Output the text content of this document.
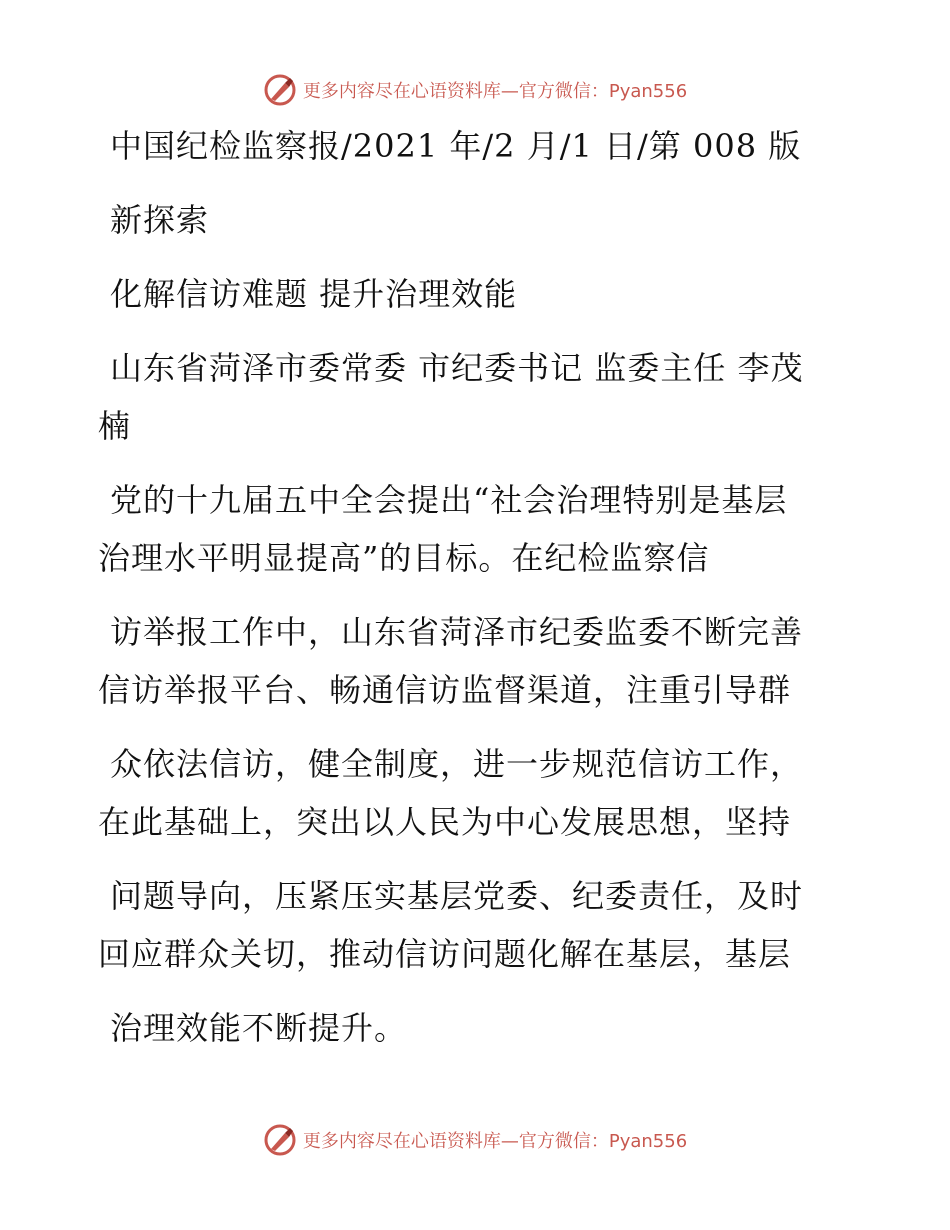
更多内容尽在心语资料库—官方微信：Pyan556
中国纪检监察报/2021 年/2 月/1 日/第 008 版
新探索
化解信访难题 提升治理效能
山东省菏泽市委常委 市纪委书记 监委主任 李茂
楠
党的十九届五中全会提出“社会治理特别是基层
治理水平明显提高”的目标。在纪检监察信
访举报工作中，山东省菏泽市纪委监委不断完善
信访举报平台、畅通信访监督渠道，注重引导群
众依法信访，健全制度，进一步规范信访工作，
在此基础上，突出以人民为中心发展思想，坚持
问题导向，压紧压实基层党委、纪委责任，及时
回应群众关切，推动信访问题化解在基层，基层
治理效能不断提升。
更多内容尽在心语资料库—官方微信：Pyan556
